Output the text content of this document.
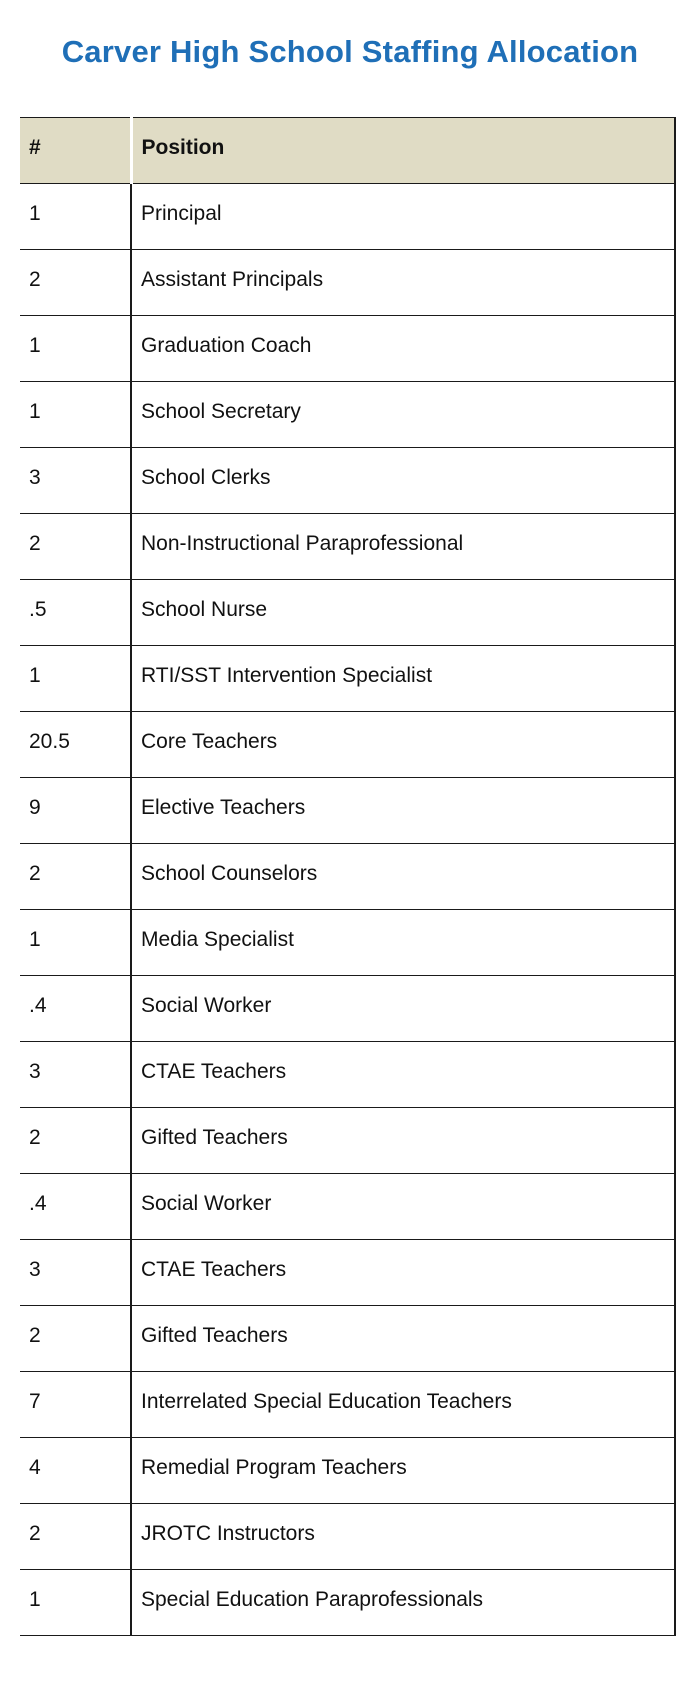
Carver High School Staffing Allocation
#	Position
1	Principal
2	Assistant Principals
1	Graduation Coach
1	School Secretary
3	School Clerks
2	Non-Instructional Paraprofessional
.5	School Nurse
1	RTI/SST Intervention Specialist
20.5	Core Teachers
9	Elective Teachers
2	School Counselors
1	Media Specialist
.4	Social Worker
3	CTAE Teachers
2	Gifted Teachers
.4	Social Worker
3	CTAE Teachers
2	Gifted Teachers
7	Interrelated Special Education Teachers
4	Remedial Program Teachers
2	JROTC Instructors
1	Special Education Paraprofessionals
